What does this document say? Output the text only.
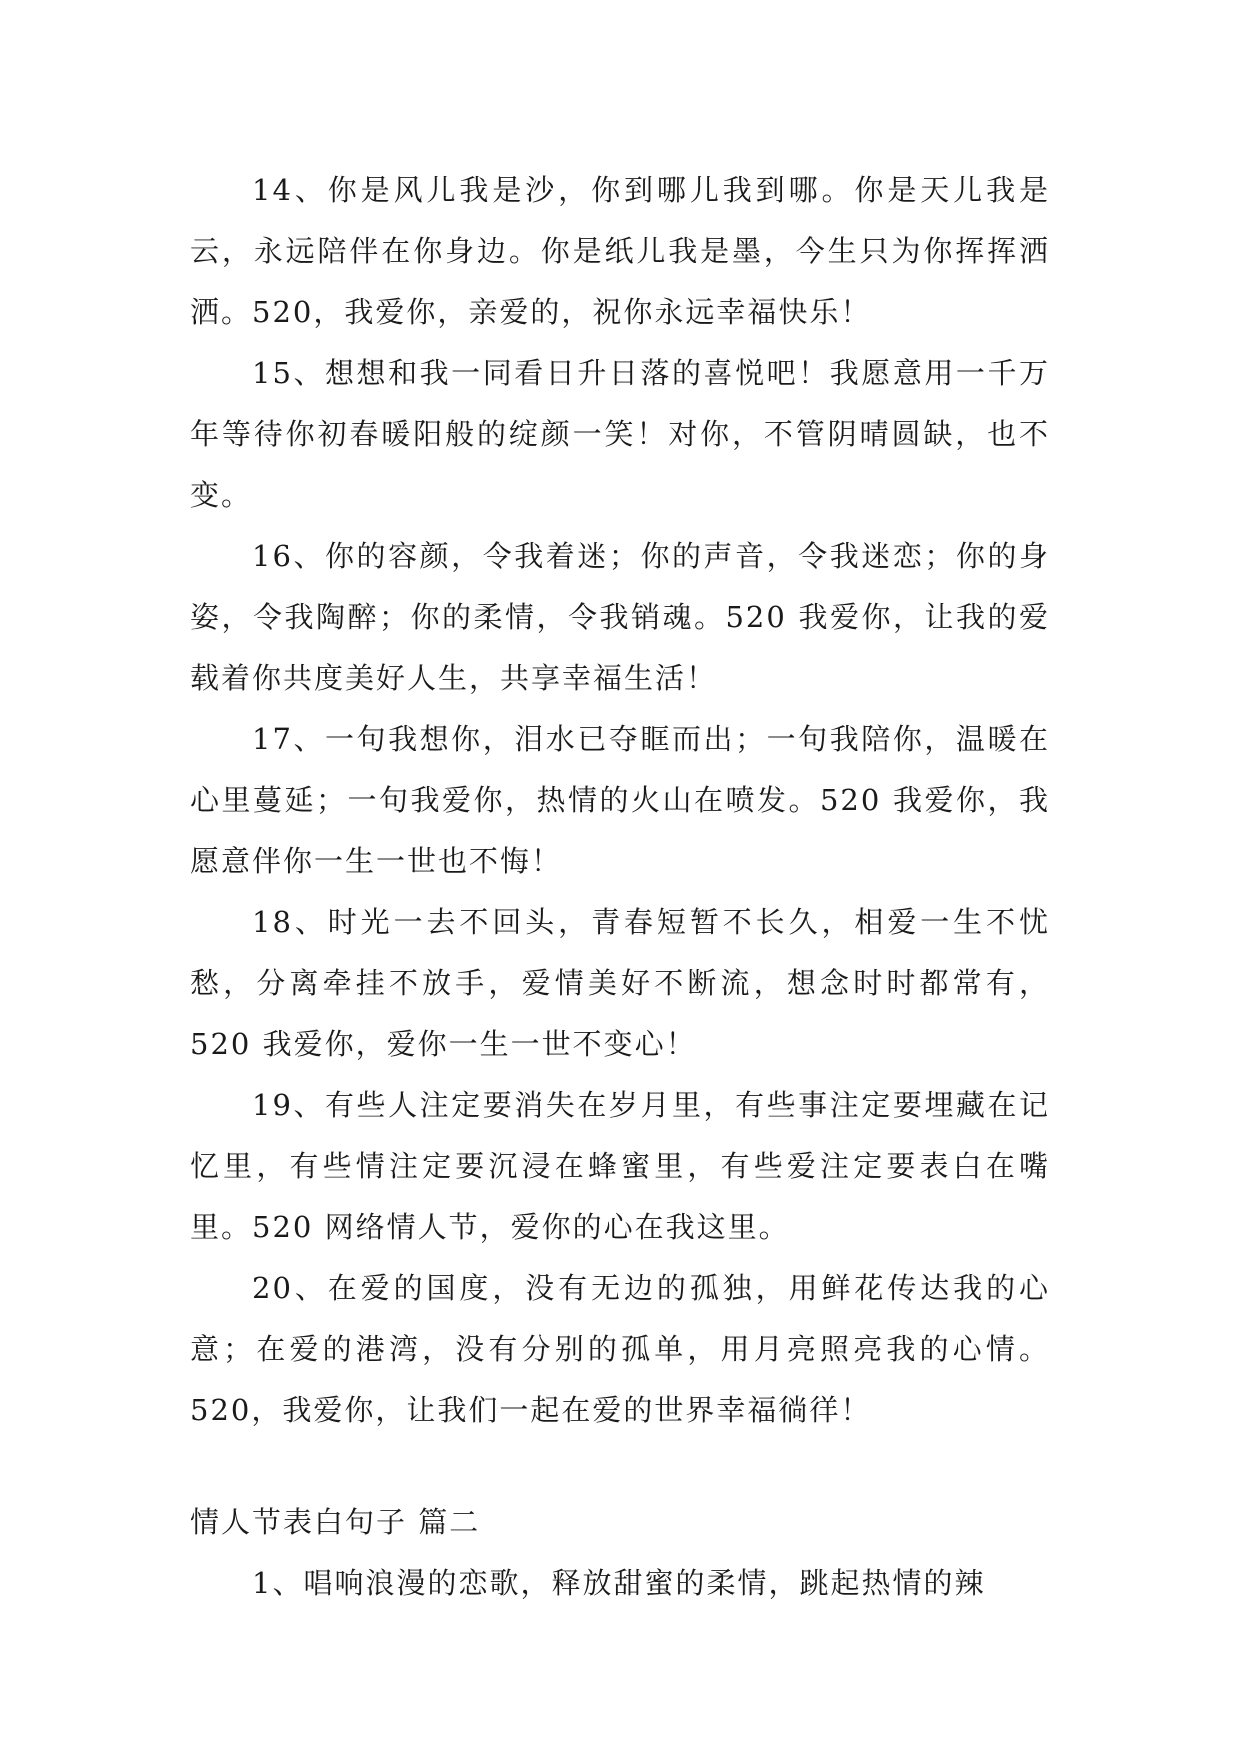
14、你是风儿我是沙，你到哪儿我到哪。你是天儿我是云，永远陪伴在你身边。你是纸儿我是墨，今生只为你挥挥洒洒。520，我爱你，亲爱的，祝你永远幸福快乐！

15、想想和我一同看日升日落的喜悦吧！我愿意用一千万年等待你初春暖阳般的绽颜一笑！对你，不管阴晴圆缺，也不变。

16、你的容颜，令我着迷；你的声音，令我迷恋；你的身姿，令我陶醉；你的柔情，令我销魂。520 我爱你，让我的爱载着你共度美好人生，共享幸福生活！

17、一句我想你，泪水已夺眶而出；一句我陪你，温暖在心里蔓延；一句我爱你，热情的火山在喷发。520 我爱你，我愿意伴你一生一世也不悔！

18、时光一去不回头，青春短暂不长久，相爱一生不忧愁，分离牵挂不放手，爱情美好不断流，想念时时都常有，520 我爱你，爱你一生一世不变心！

19、有些人注定要消失在岁月里，有些事注定要埋藏在记忆里，有些情注定要沉浸在蜂蜜里，有些爱注定要表白在嘴里。520 网络情人节，爱你的心在我这里。

20、在爱的国度，没有无边的孤独，用鲜花传达我的心意；在爱的港湾，没有分别的孤单，用月亮照亮我的心情。520，我爱你，让我们一起在爱的世界幸福徜徉！

情人节表白句子 篇二

1、唱响浪漫的恋歌，释放甜蜜的柔情，跳起热情的辣
